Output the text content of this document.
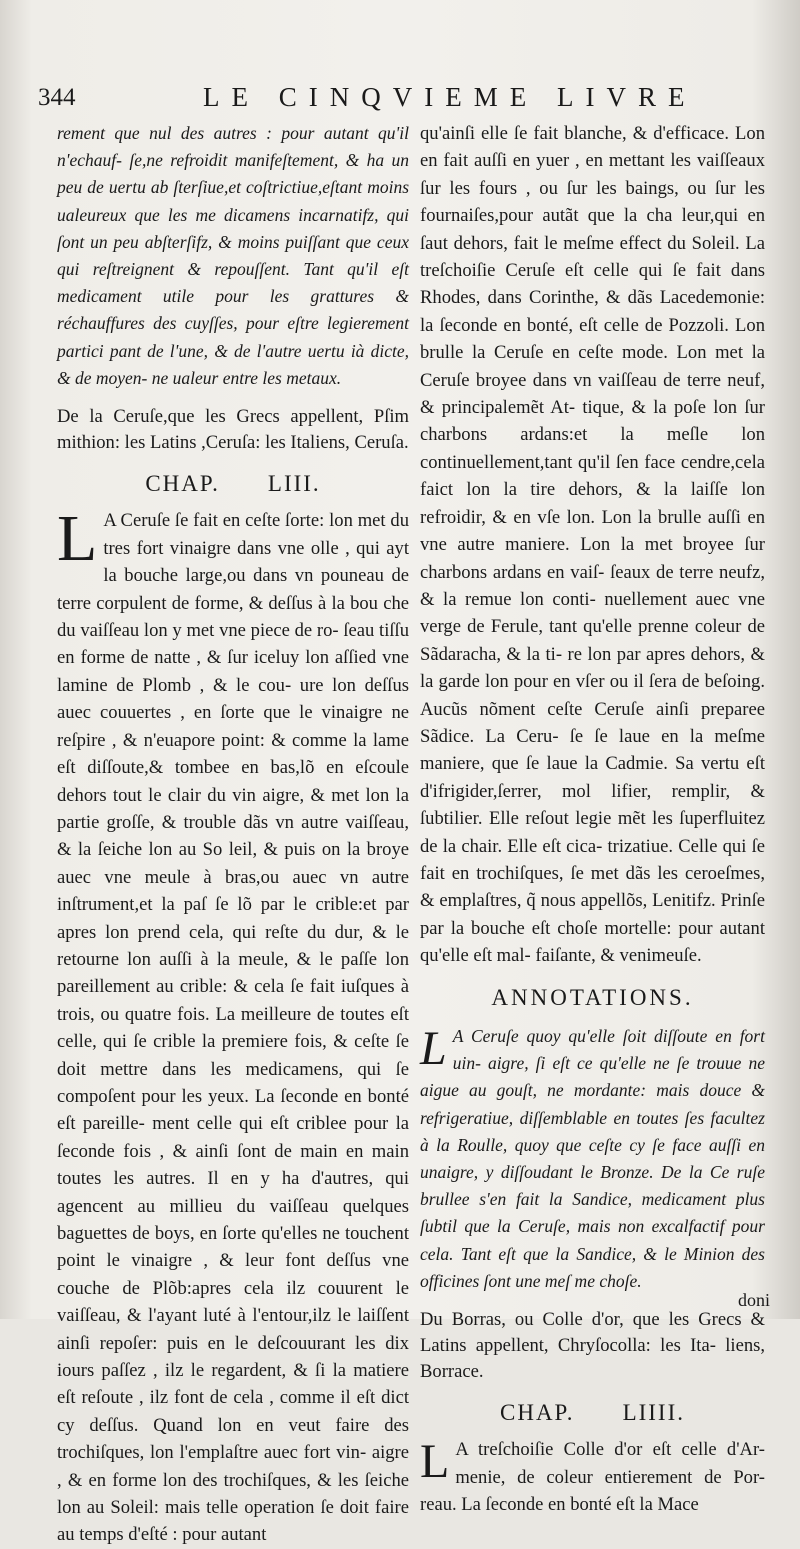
344	LE CINQVIEME LIVRE

rement que nul des autres : pour autant qu'il n'echauf- ſe,ne refroidit manifeſtement, & ha un peu de uertu ab ſterſiue,et coſtrictiue,eſtant moins ualeureux que les me dicamens incarnatifz, qui ſont un peu abſterſifz, & moins puiſſant que ceux qui reſtreignent & repouſſent. Tant qu'il eſt medicament utile pour les grattures & réchauffures des cuyſſes, pour eſtre legierement partici pant de l'une, & de l'autre uertu ià dicte, & de moyen- ne ualeur entre les metaux.

De la Ceruſe,que les Grecs appellent, Pſim mithion: les Latins ,Ceruſa: les Italiens, Ceruſa.

CHAP. LIII.

L A Ceruſe ſe fait en ceſte ſorte: lon met du tres fort vinaigre dans vne olle , qui ayt la bouche large,ou dans vn pouneau de terre corpulent de forme, & deſſus à la bou che du vaiſſeau lon y met vne piece de ro- ſeau tiſſu en forme de natte , & ſur iceluy lon aſſied vne lamine de Plomb , & le cou- ure lon deſſus auec couuertes , en ſorte que le vinaigre ne reſpire , & n'euapore point: & comme la lame eſt diſſoute,& tombee en bas,lõ en eſcoule dehors tout le clair du vin aigre, & met lon la partie groſſe, & trouble dãs vn autre vaiſſeau, & la ſeiche lon au So leil, & puis on la broye auec vne meule à bras,ou auec vn autre inſtrument,et la paſ ſe lõ par le crible:et par apres lon prend cela, qui reſte du dur, & le retourne lon auſſi à la meule, & le paſſe lon pareillement au crible: & cela ſe fait iuſques à trois, ou quatre fois. La meilleure de toutes eſt celle, qui ſe crible la premiere fois, & ceſte ſe doit mettre dans les medicamens, qui ſe compoſent pour les yeux. La ſeconde en bonté eſt pareille- ment celle qui eſt criblee pour la ſeconde fois , & ainſi ſont de main en main toutes les autres. Il en y ha d'autres, qui agencent au millieu du vaiſſeau quelques baguettes de boys, en ſorte qu'elles ne touchent point le vinaigre , & leur font deſſus vne couche de Plõb:apres cela ilz couurent le vaiſſeau, & l'ayant luté à l'entour,ilz le laiſſent ainſi repoſer: puis en le deſcouurant les dix iours paſſez , ilz le regardent, & ſi la matiere eſt reſoute , ilz font de cela , comme il eſt dict cy deſſus. Quand lon en veut faire des trochiſques, lon l'emplaſtre auec fort vin- aigre , & en forme lon des trochiſques, & les ſeiche lon au Soleil: mais telle operation ſe doit faire au temps d'eſté : pour autant

qu'ainſi elle ſe fait blanche, & d'efficace. Lon en fait auſſi en yuer , en mettant les vaiſſeaux ſur les fours , ou ſur les baings, ou ſur les fournaiſes,pour autãt que la cha leur,qui en ſaut dehors, fait le meſme effect du Soleil. La treſchoiſie Ceruſe eſt celle qui ſe fait dans Rhodes, dans Corinthe, & dãs Lacedemonie: la ſeconde en bonté, eſt celle de Pozzoli. Lon brulle la Ceruſe en ceſte mode. Lon met la Ceruſe broyee dans vn vaiſſeau de terre neuf, & principalemẽt At- tique, & la poſe lon ſur charbons ardans:et la meſle lon continuellement,tant qu'il ſen face cendre,cela faict lon la tire dehors, & la laiſſe lon refroidir, & en vſe lon. Lon la brulle auſſi en vne autre maniere. Lon la met broyee ſur charbons ardans en vaiſ- ſeaux de terre neufz, & la remue lon conti- nuellement auec vne verge de Ferule, tant qu'elle prenne coleur de Sãdaracha, & la ti- re lon par apres dehors, & la garde lon pour en vſer ou il ſera de beſoing. Aucũs nõment ceſte Ceruſe ainſi preparee Sãdice. La Ceru- ſe ſe laue en la meſme maniere, que ſe laue la Cadmie. Sa vertu eſt d'ifrigider,ſerrer, mol lifier, remplir, & ſubtilier. Elle reſout legie mẽt les ſuperfluitez de la chair. Elle eſt cica- trizatiue. Celle qui ſe fait en trochiſques, ſe met dãs les ceroeſmes, & emplaſtres, q̃ nous appellõs, Lenitifz. Prinſe par la bouche eſt choſe mortelle: pour autant qu'elle eſt mal- faiſante, & venimeuſe.

ANNOTATIONS.

L A Ceruſe quoy qu'elle ſoit diſſoute en fort uin- aigre, ſi eſt ce qu'elle ne ſe trouue ne aigue au gouſt, ne mordante: mais douce & refrigeratiue, diſſemblable en toutes ſes facultez à la Roulle, quoy que ceſte cy ſe face auſſi en unaigre, y diſſoudant le Bronze. De la Ce ruſe brullee s'en fait la Sandice, medicament plus ſubtil que la Ceruſe, mais non excalfactif pour cela. Tant eſt que la Sandice, & le Minion des officines ſont une meſ me choſe.

Du Borras, ou Colle d'or, que les Grecs & Latins appellent, Chryſocolla: les Ita- liens, Borrace.

CHAP. LIIII.

L A treſchoiſie Colle d'or eſt celle d'Ar- menie, de coleur entierement de Por- reau. La ſeconde en bonté eſt la Mace

doni
